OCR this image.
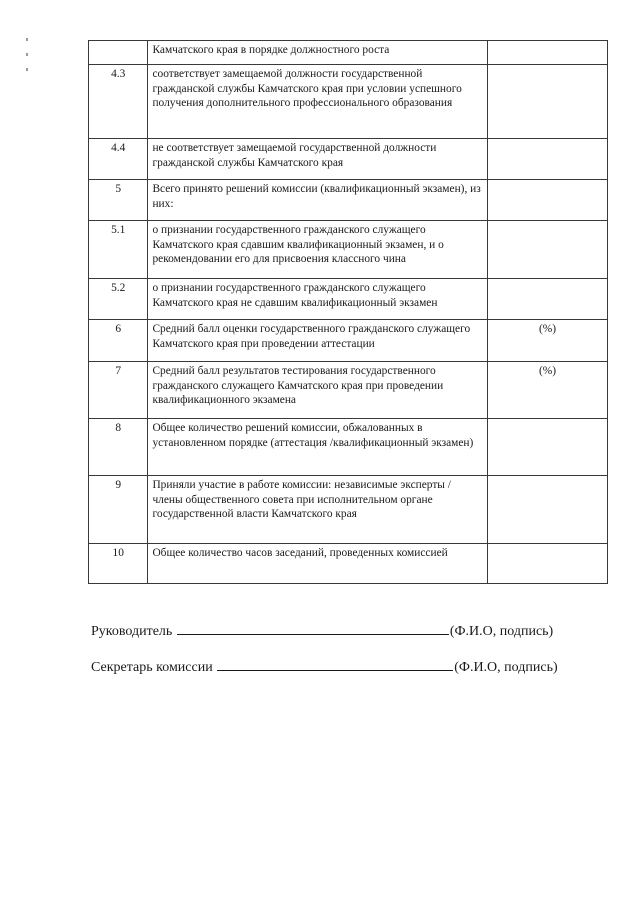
	Камчатского края в порядке должностного роста	
4.3	соответствует замещаемой должности государственной гражданской службы Камчатского края при условии успешного получения дополнительного профессионального образования	
4.4	не соответствует замещаемой государственной должности гражданской службы Камчатского края	
5	Всего принято решений комиссии (квалификационный экзамен), из них:	
5.1	о признании государственного гражданского служащего Камчатского края сдавшим квалификационный экзамен, и о рекомендовании его для присвоения классного чина	
5.2	о признании государственного гражданского служащего Камчатского края не сдавшим квалификационный экзамен	
6	Средний балл оценки государственного гражданского служащего Камчатского края при проведении аттестации	(%)
7	Средний балл результатов тестирования государственного гражданского служащего Камчатского края при проведении квалификационного экзамена	(%)
8	Общее количество решений комиссии, обжалованных в установленном порядке (аттестация /квалификационный экзамен)	
9	Приняли участие в работе комиссии: независимые эксперты / члены общественного совета при исполнительном органе государственной власти Камчатского края	
10	Общее количество часов заседаний, проведенных комиссией	
Руководитель	(Ф.И.О, подпись)
Секретарь комиссии	(Ф.И.О, подпись)
